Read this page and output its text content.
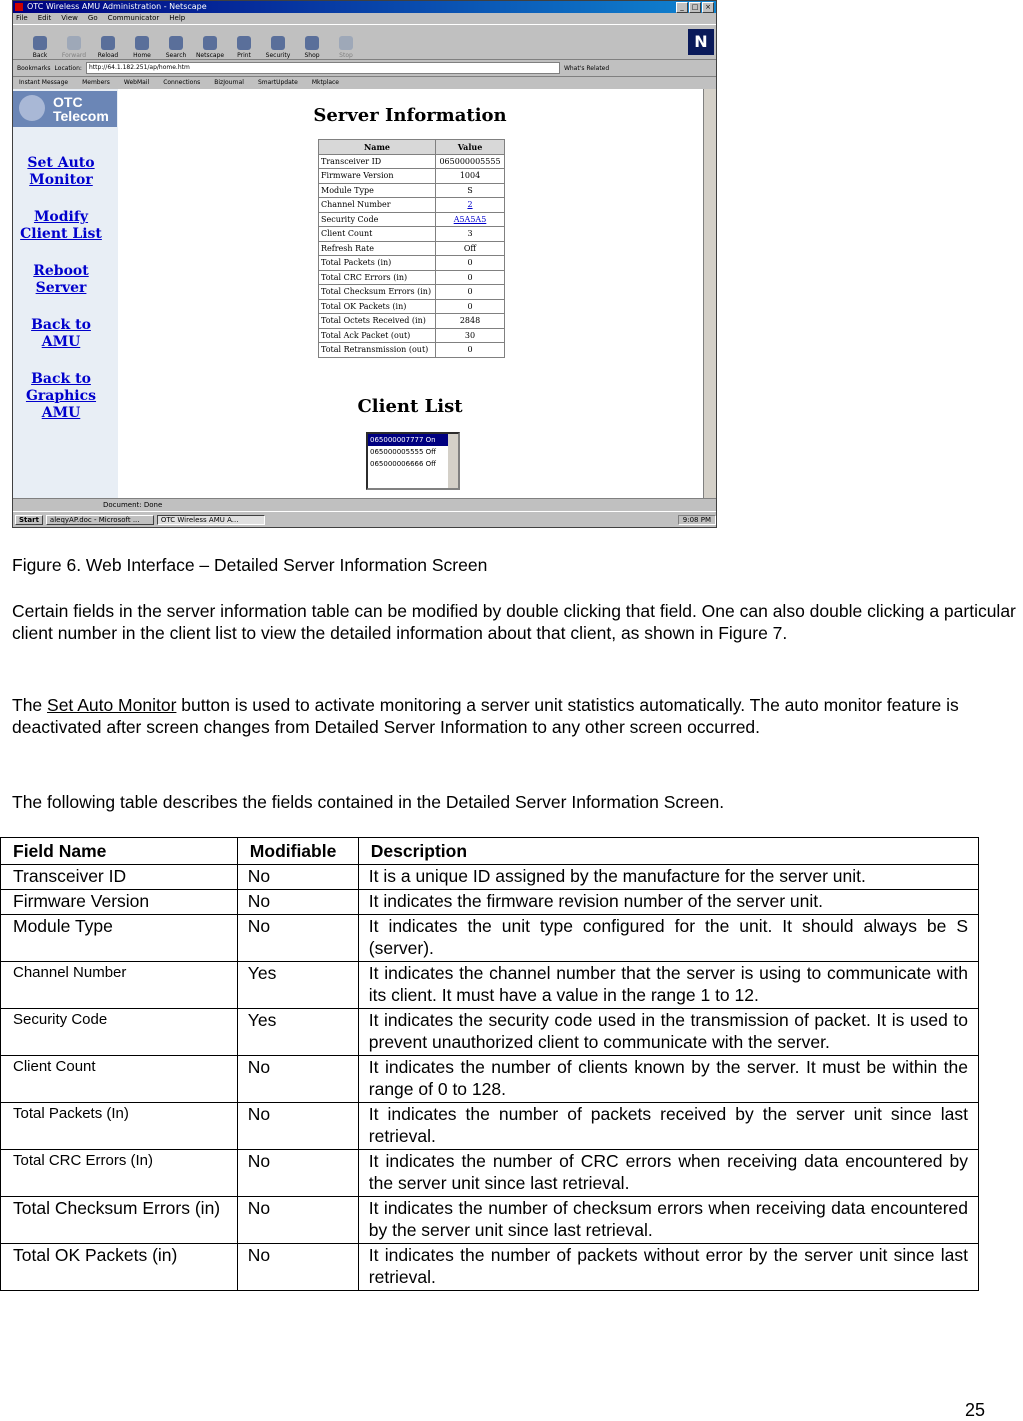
OTC Wireless AMU Administration - Netscape	_	□ ×
File Edit View Go Communicator Help
Back Forward Reload Home Search Netscape Print Security Shop	Stop
N
Bookmarks Location:	http://64.1.182.251/ap/home.htm	What's Related
Instant Message Members WebMail Connections BizJournal SmartUpdate Mktplace
OTC Telecom
Set Auto Monitor
Modify Client List
Reboot Server
Back to AMU
Back to Graphics AMU
Server Information
Name	Value
Transceiver ID	065000005555
Firmware Version	1004
Module Type	S
Channel Number	2
Security Code	A5A5A5
Client Count	3
Refresh Rate	Off
Total Packets (in)	0
Total CRC Errors (in)	0
Total Checksum Errors (in)	0
Total OK Packets (in)	0
Total Octets Received (in)	2848
Total Ack Packet (out)	30
Total Retransmission (out)	0
Client List
065000007777 On
065000005555 Off
065000006666 Off
Document: Done
Start	aleqyAP.doc - Microsoft ...	OTC Wireless AMU A...	9:08 PM
Figure 6. Web Interface – Detailed Server Information Screen
Certain fields in the server information table can be modified by double clicking that field. One can also double clicking a particular client number in the client list to view the detailed information about that client, as shown in Figure 7.
The Set Auto Monitor button is used to activate monitoring a server unit statistics automatically. The auto monitor feature is deactivated after screen changes from Detailed Server Information to any other screen occurred.
The following table describes the fields contained in the Detailed Server Information Screen.
Field Name	Modifiable	Description
Transceiver ID	No	It is a unique ID assigned by the manufacture for the server unit.
Firmware Version	No	It indicates the firmware revision number of the server unit.
Module Type	No	It indicates the unit type configured for the unit. It should always be S (server).
Channel Number	Yes	It indicates the channel number that the server is using to communicate with its client. It must have a value in the range 1 to 12.
Security Code	Yes	It indicates the security code used in the transmission of packet. It is used to prevent unauthorized client to communicate with the server.
Client Count	No	It indicates the number of clients known by the server. It must be within the range of 0 to 128.
Total Packets (In)	No	It indicates the number of packets received by the server unit since last retrieval.
Total CRC Errors (In)	No	It indicates the number of CRC errors when receiving data encountered by the server unit since last retrieval.
Total Checksum Errors (in)	No	It indicates the number of checksum errors when receiving data encountered by the server unit since last retrieval.
Total OK Packets (in)	No	It indicates the number of packets without error by the server unit since last retrieval.
25
